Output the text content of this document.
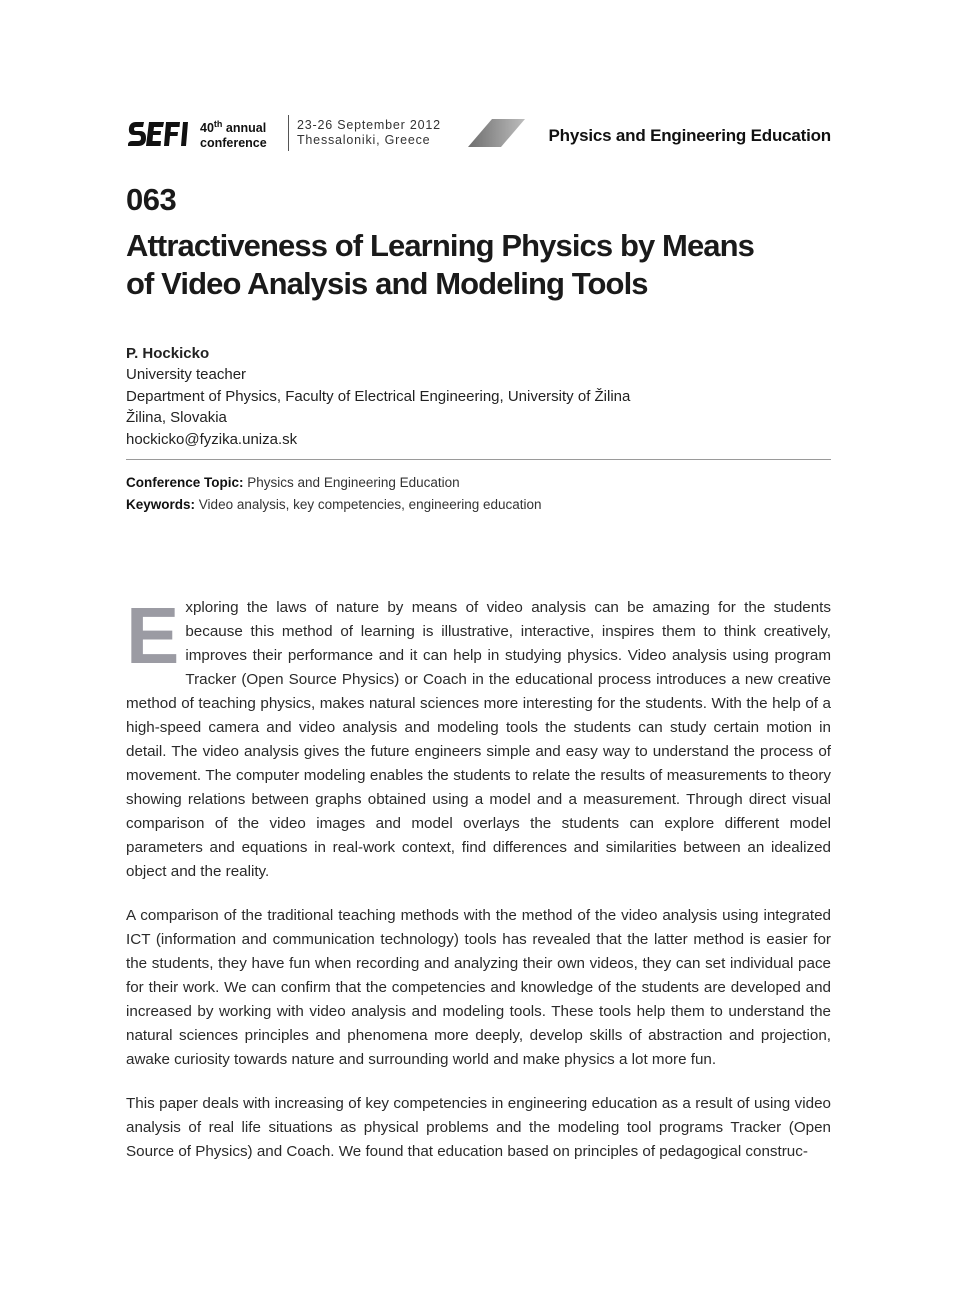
40th annual
conference
23-26 September 2012
Thessaloniki, Greece	Physics and Engineering Education
063
Attractiveness of Learning Physics by Means
of Video Analysis and Modeling Tools
P. Hockicko
University teacher
Department of Physics, Faculty of Electrical Engineering, University of Žilina
Žilina, Slovakia
hockicko@fyzika.uniza.sk
Conference Topic: Physics and Engineering Education
Keywords: Video analysis, key competencies, engineering education

Exploring the laws of nature by means of video analysis can be amazing for the students because this method of learning is illustrative, interactive, inspires them to think creatively, improves their performance and it can help in studying physics. Video analysis using program Tracker (Open Source Physics) or Coach in the educational process introduces a new creative method of teaching physics, makes natural sciences more interesting for the students. With the help of a high-speed camera and video analysis and modeling tools the students can study certain motion in detail. The video analysis gives the future engineers simple and easy way to understand the process of movement. The computer modeling enables the students to relate the results of measurements to theory showing relations between graphs obtained using a model and a measurement. Through direct visual comparison of the video images and model overlays the students can explore different model parameters and equations in real-work context, find differences and similarities between an idealized object and the reality.

A comparison of the traditional teaching methods with the method of the video analysis using integrated ICT (information and communication technology) tools has revealed that the latter method is easier for the students, they have fun when recording and analyzing their own videos, they can set individual pace for their work. We can confirm that the competencies and knowledge of the students are developed and increased by working with video analysis and modeling tools. These tools help them to understand the natural sciences principles and phenomena more deeply, develop skills of abstraction and projection, awake curiosity towards nature and surrounding world and make physics a lot more fun.

This paper deals with increasing of key competencies in engineering education as a result of using video analysis of real life situations as physical problems and the modeling tool programs Tracker (Open Source of Physics) and Coach. We found that education based on principles of pedagogical construc-
